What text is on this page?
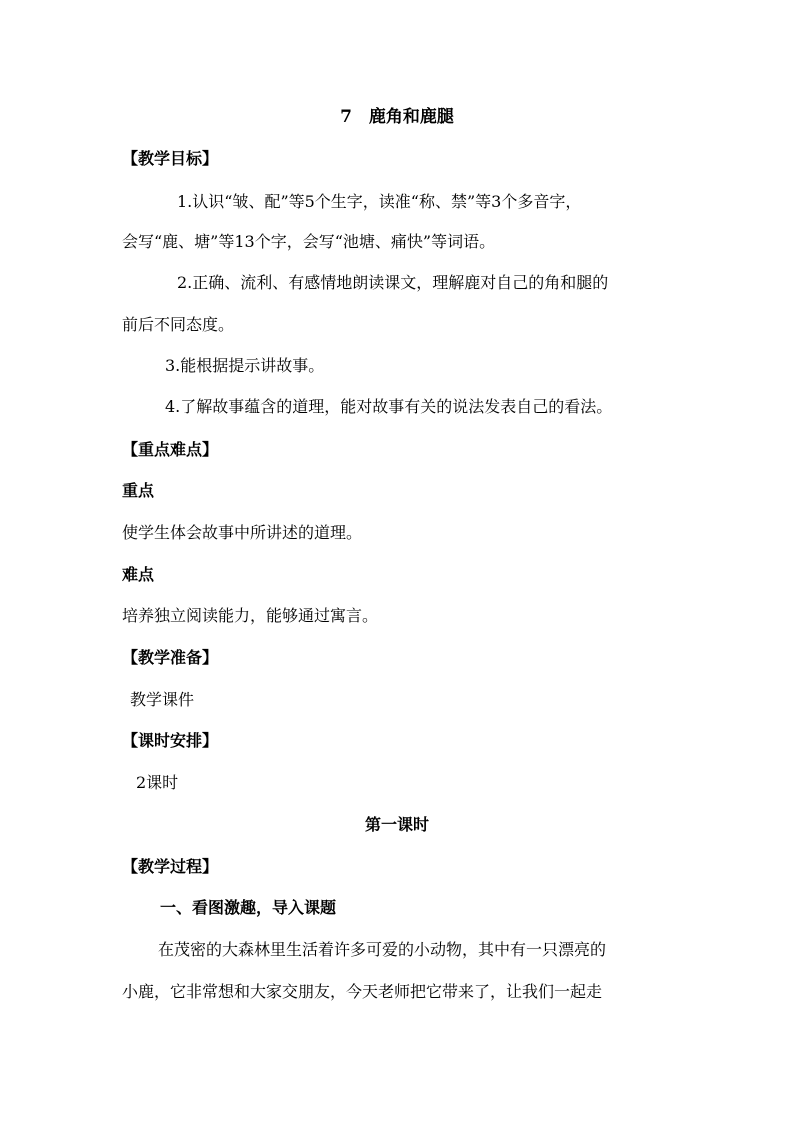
7　鹿角和鹿腿
【教学目标】
1.认识“皱、配”等5个生字，读准“称、禁”等3个多音字，
会写“鹿、塘”等13个字，会写“池塘、痛快”等词语。
2.正确、流利、有感情地朗读课文，理解鹿对自己的角和腿的
前后不同态度。
3.能根据提示讲故事。
4.了解故事蕴含的道理，能对故事有关的说法发表自己的看法。
【重点难点】
重点
使学生体会故事中所讲述的道理。
难点
培养独立阅读能力，能够通过寓言。
【教学准备】
教学课件
【课时安排】
2课时
第一课时
【教学过程】
一、看图激趣，导入课题
在茂密的大森林里生活着许多可爱的小动物，其中有一只漂亮的
小鹿，它非常想和大家交朋友，今天老师把它带来了，让我们一起走
